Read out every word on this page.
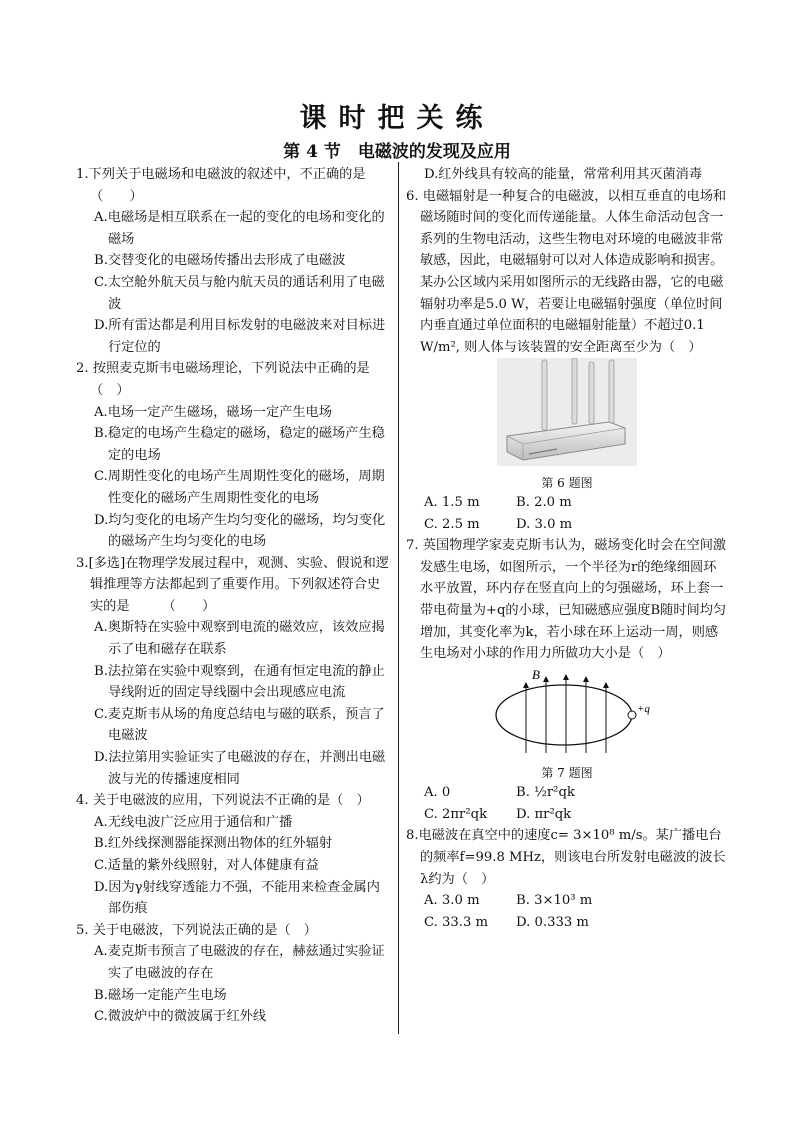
课时把关练
第 4 节　电磁波的发现及应用

1.下列关于电磁场和电磁波的叙述中，不正确的是（　　）

A.电磁场是相互联系在一起的变化的电场和变化的磁场

B.交替变化的电磁场传播出去形成了电磁波

C.太空舱外航天员与舱内航天员的通话利用了电磁波

D.所有雷达都是利用目标发射的电磁波来对目标进行定位的

2. 按照麦克斯韦电磁场理论，下列说法中正确的是（　）

A.电场一定产生磁场，磁场一定产生电场

B.稳定的电场产生稳定的磁场，稳定的磁场产生稳定的电场

C.周期性变化的电场产生周期性变化的磁场，周期性变化的磁场产生周期性变化的电场

D.均匀变化的电场产生均匀变化的磁场，均匀变化的磁场产生均匀变化的电场

3.[多选]在物理学发展过程中，观测、实验、假说和逻辑推理等方法都起到了重要作用。下列叙述符合史实的是　　　（　　）

A.奥斯特在实验中观察到电流的磁效应，该效应揭示了电和磁存在联系

B.法拉第在实验中观察到，在通有恒定电流的静止导线附近的固定导线圈中会出现感应电流

C.麦克斯韦从场的角度总结电与磁的联系，预言了电磁波

D.法拉第用实验证实了电磁波的存在，并测出电磁波与光的传播速度相同

4. 关于电磁波的应用，下列说法不正确的是（　）

A.无线电波广泛应用于通信和广播

B.红外线探测器能探测出物体的红外辐射

C.适量的紫外线照射，对人体健康有益

D.因为γ射线穿透能力不强，不能用来检查金属内部伤痕

5. 关于电磁波，下列说法正确的是（　）

A.麦克斯韦预言了电磁波的存在，赫兹通过实验证实了电磁波的存在

B.磁场一定能产生电场

C.微波炉中的微波属于红外线

D.红外线具有较高的能量，常常利用其灭菌消毒

6. 电磁辐射是一种复合的电磁波，以相互垂直的电场和磁场随时间的变化而传递能量。人体生命活动包含一系列的生物电活动，这些生物电对环境的电磁波非常敏感，因此，电磁辐射可以对人体造成影响和损害。某办公区域内采用如图所示的无线路由器，它的电磁辐射功率是5.0 W，若要让电磁辐射强度（单位时间内垂直通过单位面积的电磁辐射能量）不超过0.1 W/m², 则人体与该装置的安全距离至少为（　）

第 6 题图
A. 1.5 m	B. 2.0 m
C. 2.5 m	D. 3.0 m

7. 英国物理学家麦克斯韦认为，磁场变化时会在空间激发感生电场，如图所示，一个半径为r的绝缘细圆环水平放置，环内存在竖直向上的匀强磁场，环上套一带电荷量为+q的小球，已知磁感应强度B随时间均匀增加，其变化率为k，若小球在环上运动一周，则感生电场对小球的作用力所做功大小是（　）

B
+q
第 7 题图
A. 0	B. ½r²qk
C. 2πr²qk	D. πr²qk

8.电磁波在真空中的速度c= 3×10⁸ m/s。某广播电台的频率f=99.8 MHz，则该电台所发射电磁波的波长λ约为（　）

A. 3.0 m	B. 3×10³ m
C. 33.3 m	D. 0.333 m
